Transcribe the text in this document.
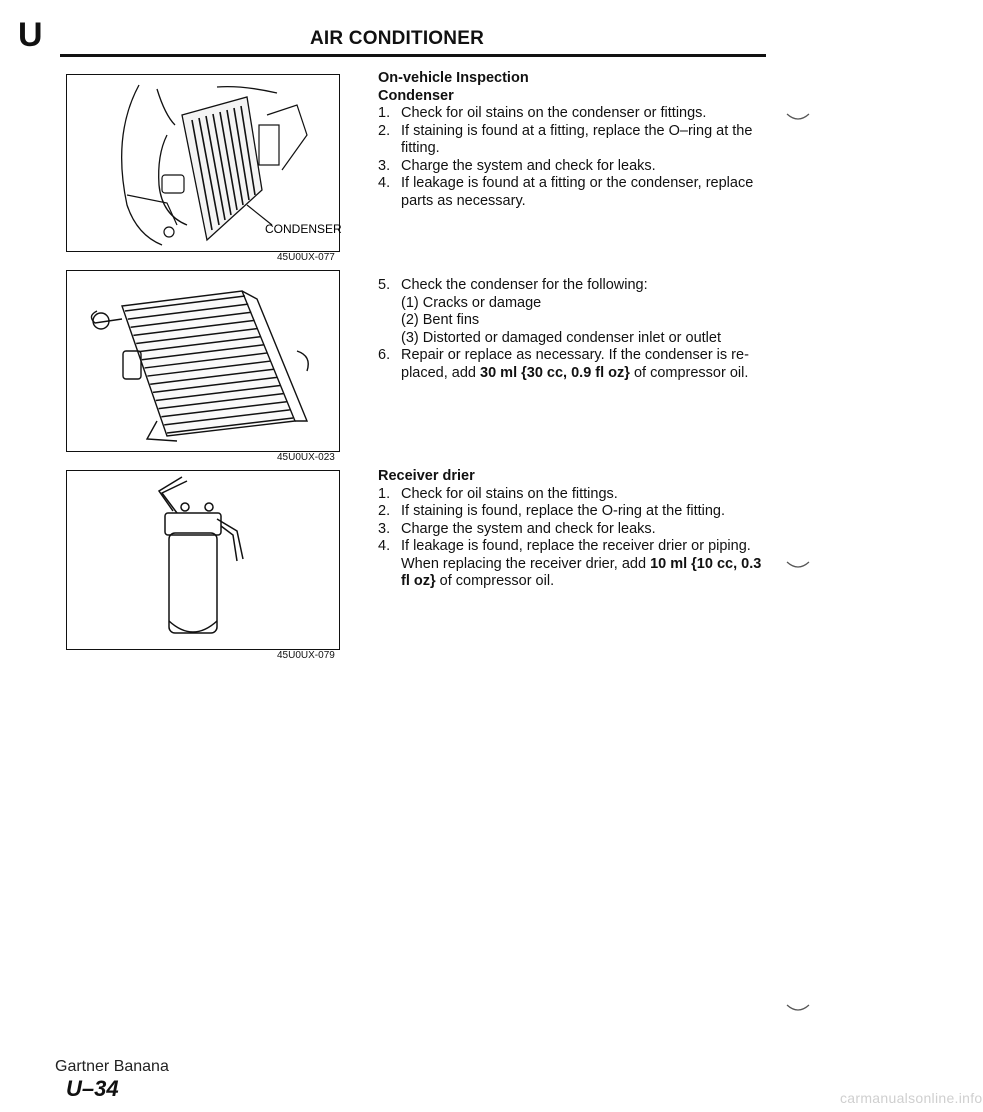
U	AIR CONDITIONER
CONDENSER
45U0UX-077
45U0UX-023
45U0UX-079
On-vehicle Inspection
Condenser
1. Check for oil stains on the condenser or fittings.
2. If staining is found at a fitting, replace the O–ring at the
fitting.
3. Charge the system and check for leaks.
4. If leakage is found at a fitting or the condenser, replace
parts as necessary.
5. Check the condenser for the following:
(1) Cracks or damage
(2) Bent fins
(3) Distorted or damaged condenser inlet or outlet
6. Repair or replace as necessary. If the condenser is re-
placed, add 30 ml {30 cc, 0.9 fl oz} of compressor oil.
Receiver drier
1. Check for oil stains on the fittings.
2. If staining is found, replace the O-ring at the fitting.
3. Charge the system and check for leaks.
4. If leakage is found, replace the receiver drier or piping.
When replacing the receiver drier, add 10 ml {10 cc, 0.3
fl oz} of compressor oil.
Gartner Banana
U–34	carmanualsonline.info
